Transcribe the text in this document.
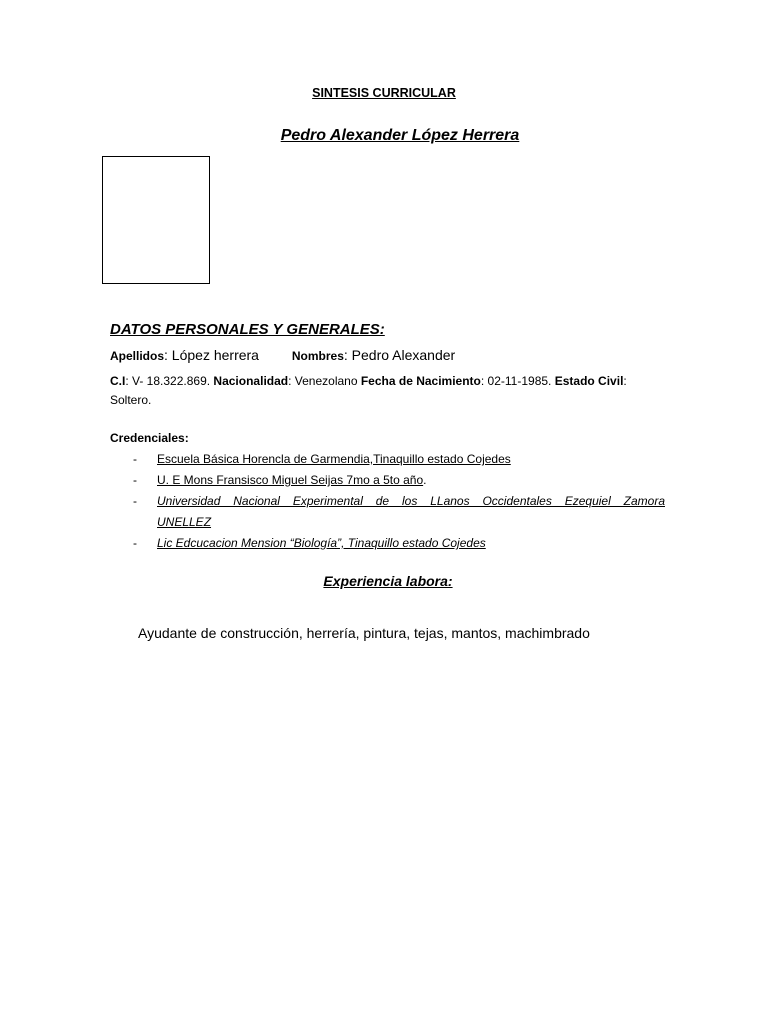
SINTESIS CURRICULAR
Pedro Alexander López Herrera
DATOS PERSONALES Y GENERALES:
Apellidos: López herrera	Nombres: Pedro Alexander
C.I: V- 18.322.869. Nacionalidad: Venezolano Fecha de Nacimiento: 02-11-1985. Estado Civil:
Soltero.
Credenciales:
- Escuela Básica Horencla de Garmendia,Tinaquillo estado Cojedes
- U. E Mons Fransisco Miguel Seijas 7mo a 5to año.
- Universidad Nacional Experimental de los LLanos Occidentales Ezequiel Zamora
UNELLEZ
- Lic Edcucacion Mension “Biología”, Tinaquillo estado Cojedes
Experiencia labora:
Ayudante de construcción, herrería, pintura, tejas, mantos, machimbrado
